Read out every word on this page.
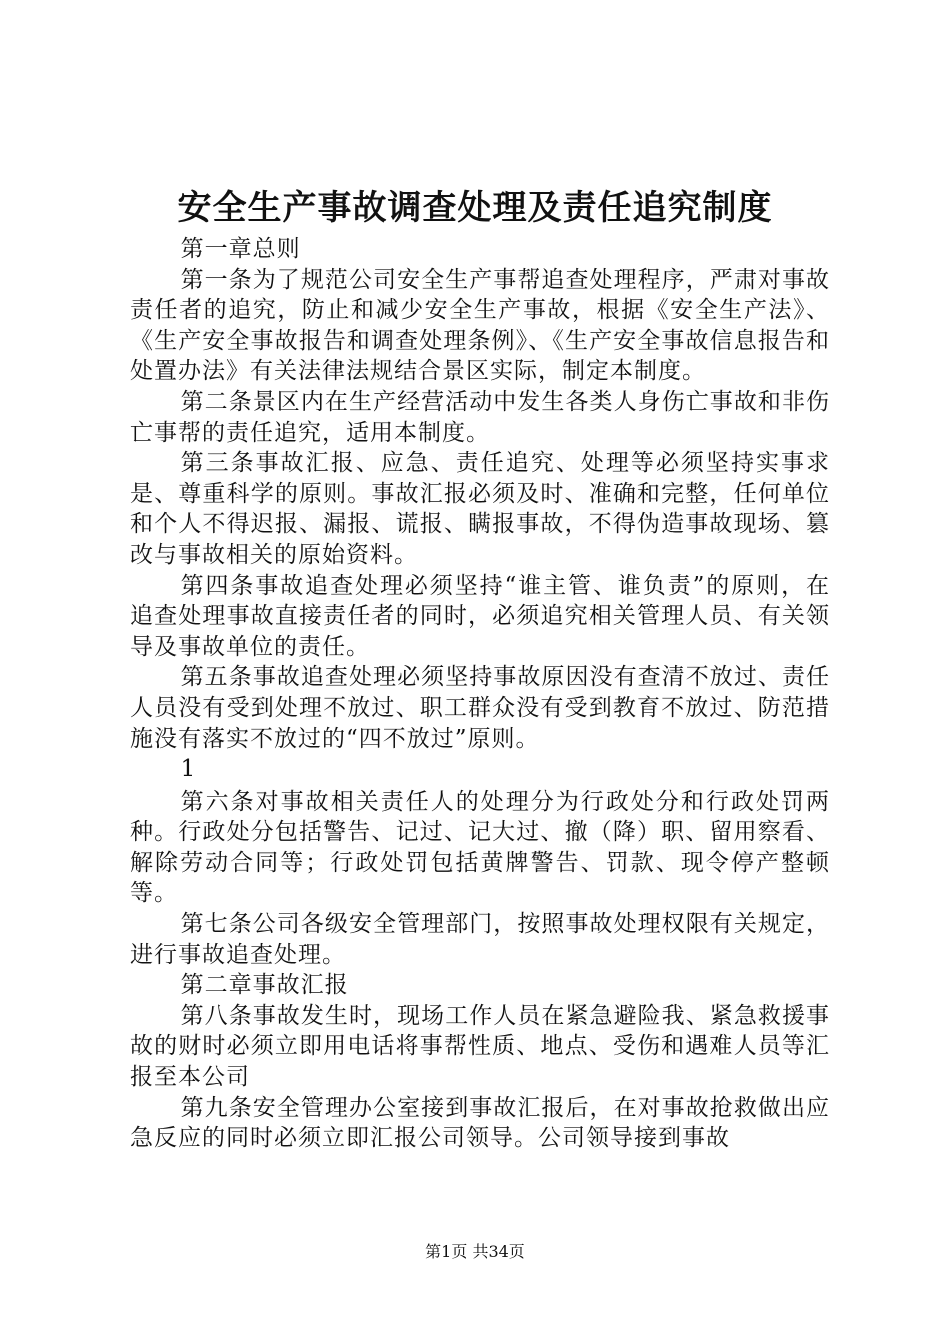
安全生产事故调查处理及责任追究制度

第一章总则

第一条为了规范公司安全生产事帮追查处理程序，严肃对事故责任者的追究，防止和减少安全生产事故，根据《安全生产法》、《生产安全事故报告和调查处理条例》、《生产安全事故信息报告和处置办法》有关法律法规结合景区实际，制定本制度。

第二条景区内在生产经营活动中发生各类人身伤亡事故和非伤亡事帮的责任追究，适用本制度。

第三条事故汇报、应急、责任追究、处理等必须坚持实事求是、尊重科学的原则。事故汇报必须及时、准确和完整，任何单位和个人不得迟报、漏报、谎报、瞒报事故，不得伪造事故现场、篡改与事故相关的原始资料。

第四条事故追查处理必须坚持“谁主管、谁负责”的原则，在追查处理事故直接责任者的同时，必须追究相关管理人员、有关领导及事故单位的责任。

第五条事故追查处理必须坚持事故原因没有查清不放过、责任人员没有受到处理不放过、职工群众没有受到教育不放过、防范措施没有落实不放过的“四不放过”原则。

1

第六条对事故相关责任人的处理分为行政处分和行政处罚两种。行政处分包括警告、记过、记大过、撤（降）职、留用察看、解除劳动合同等；行政处罚包括黄牌警告、罚款、现令停产整顿等。

第七条公司各级安全管理部门，按照事故处理权限有关规定，进行事故追查处理。

第二章事故汇报

第八条事故发生时，现场工作人员在紧急避险我、紧急救援事故的财时必须立即用电话将事帮性质、地点、受伤和遇难人员等汇报至本公司

第九条安全管理办公室接到事故汇报后，在对事故抢救做出应急反应的同时必须立即汇报公司领导。公司领导接到事故

第1页 共34页
